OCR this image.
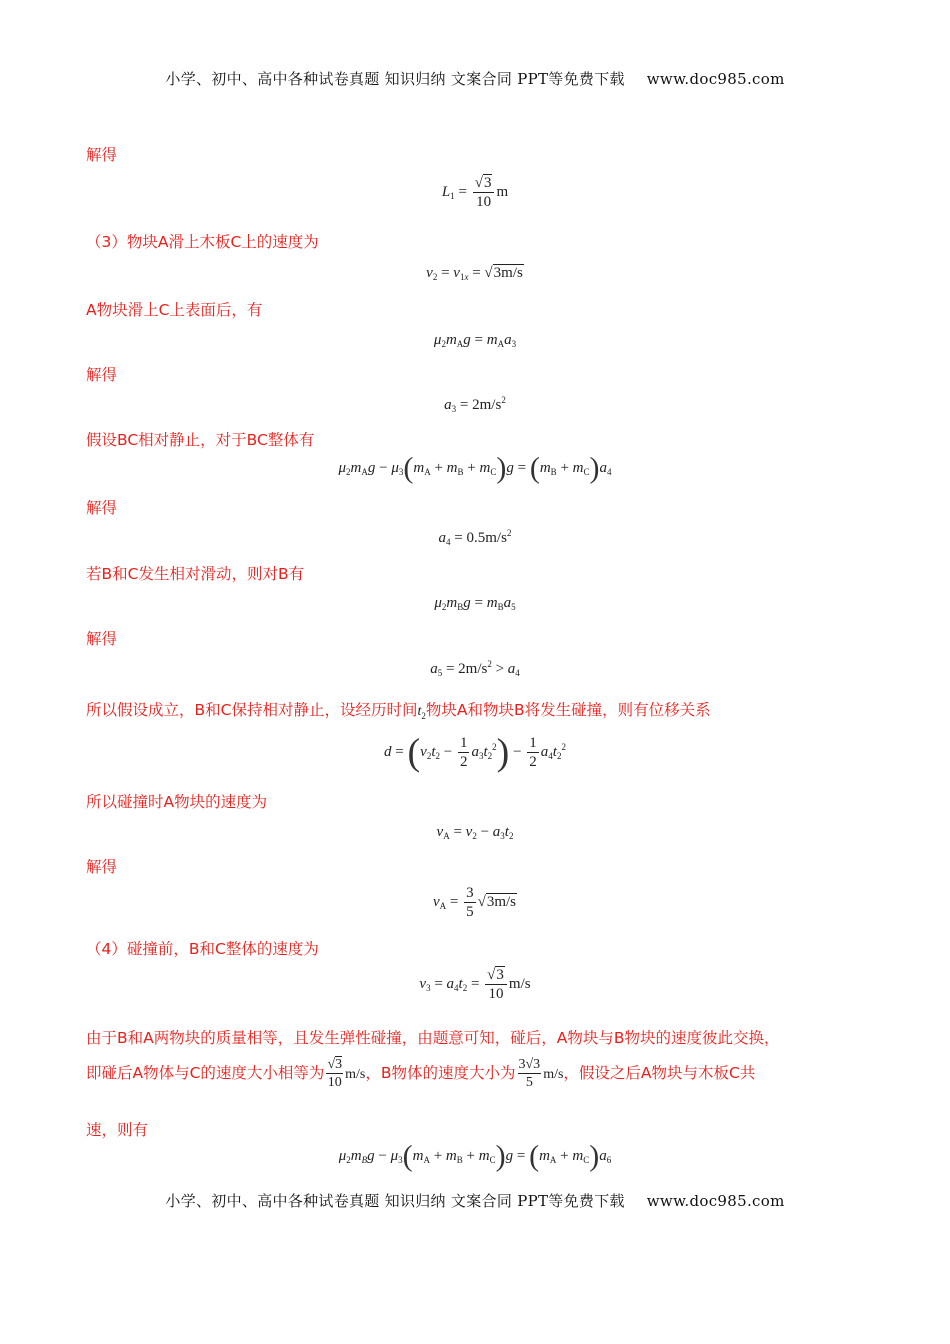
小学、初中、高中各种试卷真题 知识归纳 文案合同 PPT等免费下载 www.doc985.com
解得
$L_1 = \frac{√3}{10}$ m
（3）物块A滑上木板C上的速度为
$v_2 = v_{1x} = √3m/s$
A物块滑上C上表面后，有
$\mu_2m_Ag = m_Aa_3$
解得
$a_3 = 2m/s^2$
假设BC相对静止，对于BC整体有
$\mu_2m_Ag - \mu_3(m_A + m_B + m_C)g = (m_B + m_C)a_4$
解得
$a_4 = 0.5m/s^2$
若B和C发生相对滑动，则对B有
$\mu_2m_Bg = m_Ba_5$
解得
$a_5 = 2m/s^2 > a_4$
所以假设成立，B和C保持相对静止，设经历时间$t_2$物块A和物块B将发生碰撞，则有位移关系
$d = (v_2t_2 - \frac{1}{2} a_3t_2^2) - \frac{1}{2} a_4t_2^2$
所以碰撞时A物块的速度为
$v_A = v_2 - a_3t_2$
解得
$v_A = \frac{3}{5} √3m/s$
（4）碰撞前，B和C整体的速度为
$v_3 = a_4t_2 = \frac{√3}{10} m/s$
由于B和A两物块的质量相等，且发生弹性碰撞，由题意可知，碰后，A物块与B物块的速度彼此交换，
即碰后A物体与C的速度大小相等为 $\frac{√3}{10} m/s$，B物体的速度大小为 $\frac{3√3}{5} m/s$，假设之后A物块与木板C共
速，则有
$\mu_2m_Bg - \mu_3(m_A + m_B + m_C)g = (m_A + m_C)a_6$
小学、初中、高中各种试卷真题 知识归纳 文案合同 PPT等免费下载 www.doc985.com
